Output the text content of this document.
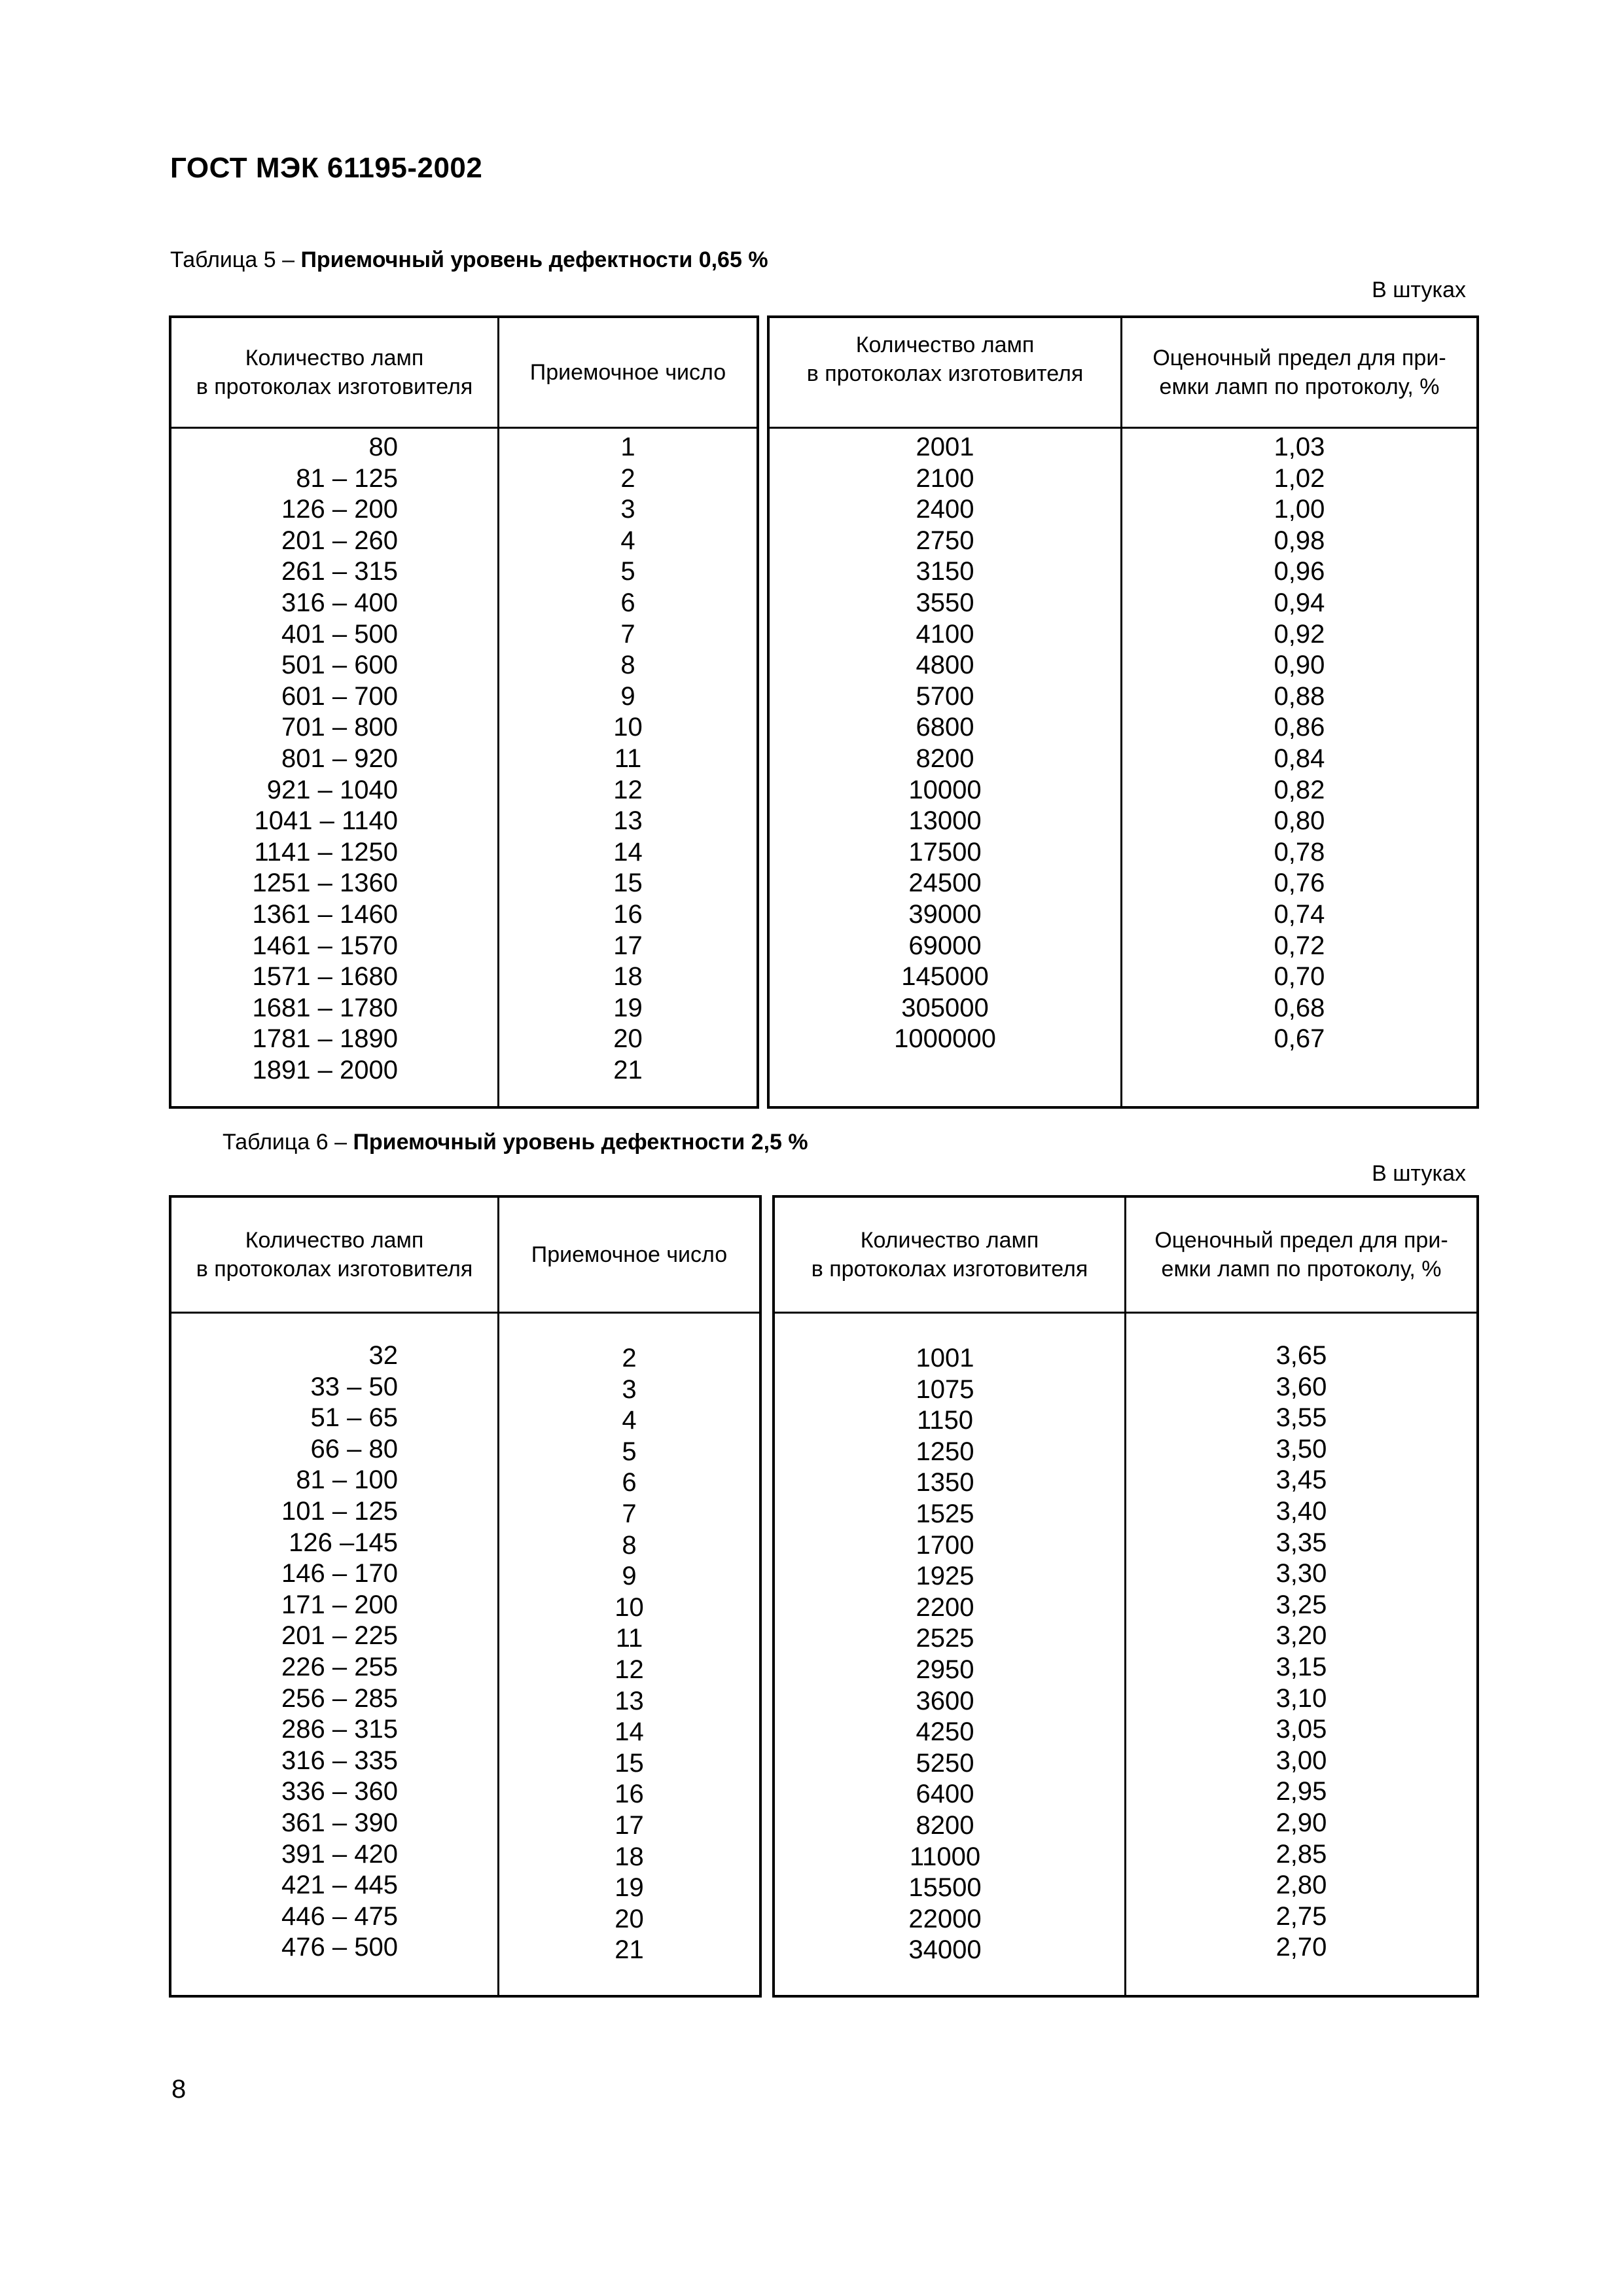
ГОСТ МЭК 61195-2002
Таблица 5 – Приемочный уровень дефектности 0,65 %
В штуках
Количество ламп
в протоколах изготовителя
Приемочное число
80
81 – 125
126 – 200
201 – 260
261 – 315
316 – 400
401 – 500
501 – 600
601 – 700
701 – 800
801 – 920
921 – 1040
1041 – 1140
1141 – 1250
1251 – 1360
1361 – 1460
1461 – 1570
1571 – 1680
1681 – 1780
1781 – 1890
1891 – 2000
1
2
3
4
5
6
7
8
9
10
11
12
13
14
15
16
17
18
19
20
21
Количество ламп
в протоколах изготовителя
Оценочный предел для при-
емки ламп по протоколу, %
2001
2100
2400
2750
3150
3550
4100
4800
5700
6800
8200
10000
13000
17500
24500
39000
69000
145000
305000
1000000
1,03
1,02
1,00
0,98
0,96
0,94
0,92
0,90
0,88
0,86
0,84
0,82
0,80
0,78
0,76
0,74
0,72
0,70
0,68
0,67
Таблица 6 – Приемочный уровень дефектности 2,5 %
В штуках
Количество ламп
в протоколах изготовителя
Приемочное число
32
33 – 50
51 – 65
66 – 80
81 – 100
101 – 125
126 –145
146 – 170
171 – 200
201 – 225
226 – 255
256 – 285
286 – 315
316 – 335
336 – 360
361 – 390
391 – 420
421 – 445
446 – 475
476 – 500
2
3
4
5
6
7
8
9
10
11
12
13
14
15
16
17
18
19
20
21
Количество ламп
в протоколах изготовителя
Оценочный предел для при-
емки ламп по протоколу, %
1001
1075
1150
1250
1350
1525
1700
1925
2200
2525
2950
3600
4250
5250
6400
8200
11000
15500
22000
34000
3,65
3,60
3,55
3,50
3,45
3,40
3,35
3,30
3,25
3,20
3,15
3,10
3,05
3,00
2,95
2,90
2,85
2,80
2,75
2,70
8
